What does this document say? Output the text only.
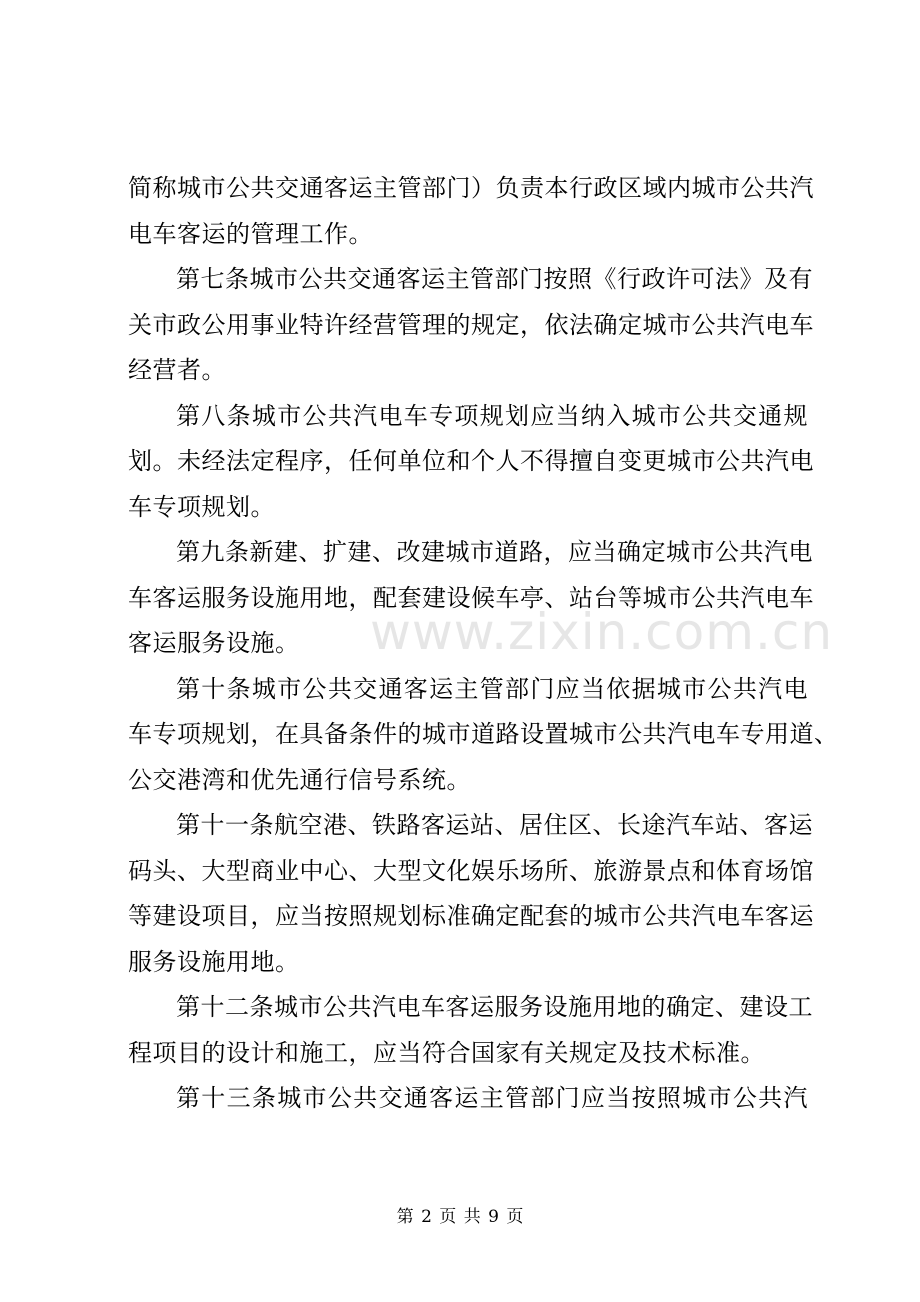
简称城市公共交通客运主管部门）负责本行政区域内城市公共汽
电车客运的管理工作。

第七条城市公共交通客运主管部门按照《行政许可法》及有
关市政公用事业特许经营管理的规定，依法确定城市公共汽电车
经营者。

第八条城市公共汽电车专项规划应当纳入城市公共交通规
划。未经法定程序，任何单位和个人不得擅自变更城市公共汽电
车专项规划。

第九条新建、扩建、改建城市道路，应当确定城市公共汽电
车客运服务设施用地，配套建设候车亭、站台等城市公共汽电车
客运服务设施。

第十条城市公共交通客运主管部门应当依据城市公共汽电
车专项规划，在具备条件的城市道路设置城市公共汽电车专用道、
公交港湾和优先通行信号系统。

第十一条航空港、铁路客运站、居住区、长途汽车站、客运
码头、大型商业中心、大型文化娱乐场所、旅游景点和体育场馆
等建设项目，应当按照规划标准确定配套的城市公共汽电车客运
服务设施用地。

第十二条城市公共汽电车客运服务设施用地的确定、建设工
程项目的设计和施工，应当符合国家有关规定及技术标准。

第十三条城市公共交通客运主管部门应当按照城市公共汽

www.zixin.com.cn
第 2 页 共 9 页
